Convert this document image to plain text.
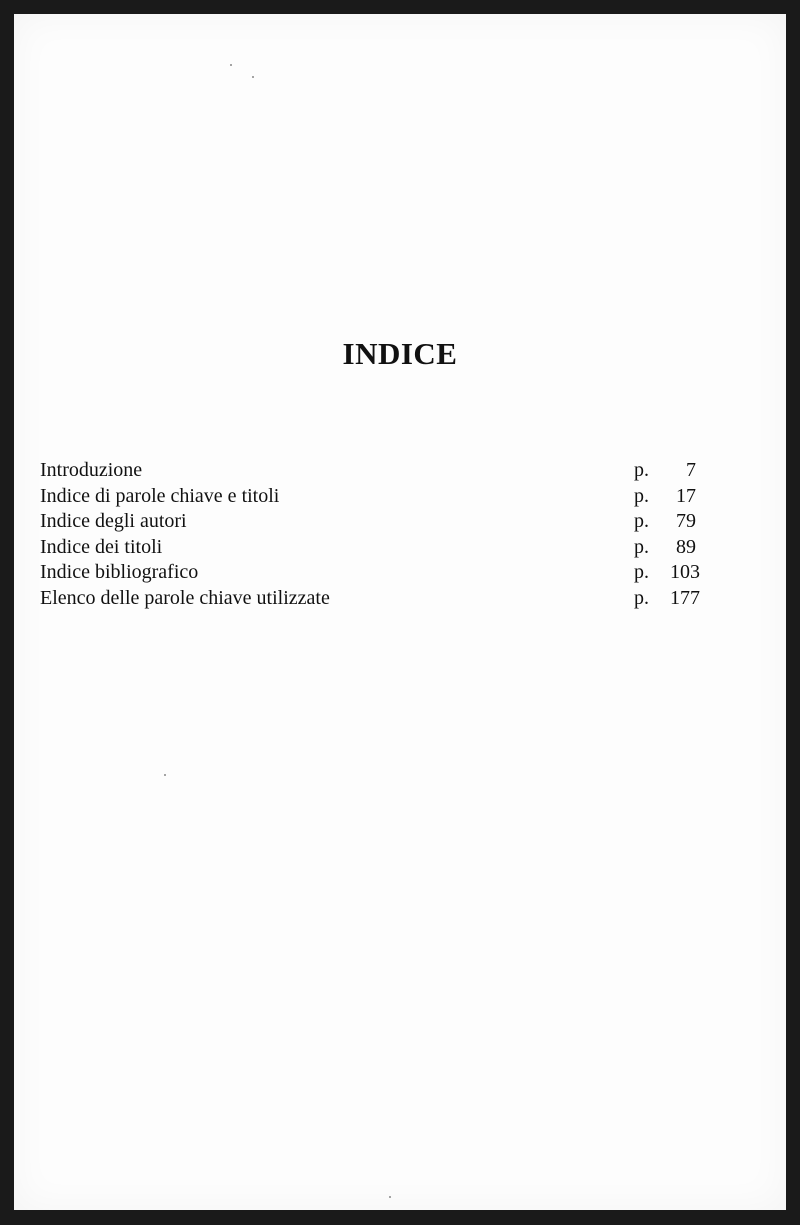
INDICE
Introduzione	p.	7
Indice di parole chiave e titoli	p.	17
Indice degli autori	p.	79
Indice dei titoli	p.	89
Indice bibliografico	p.	103
Elenco delle parole chiave utilizzate	p.	177
